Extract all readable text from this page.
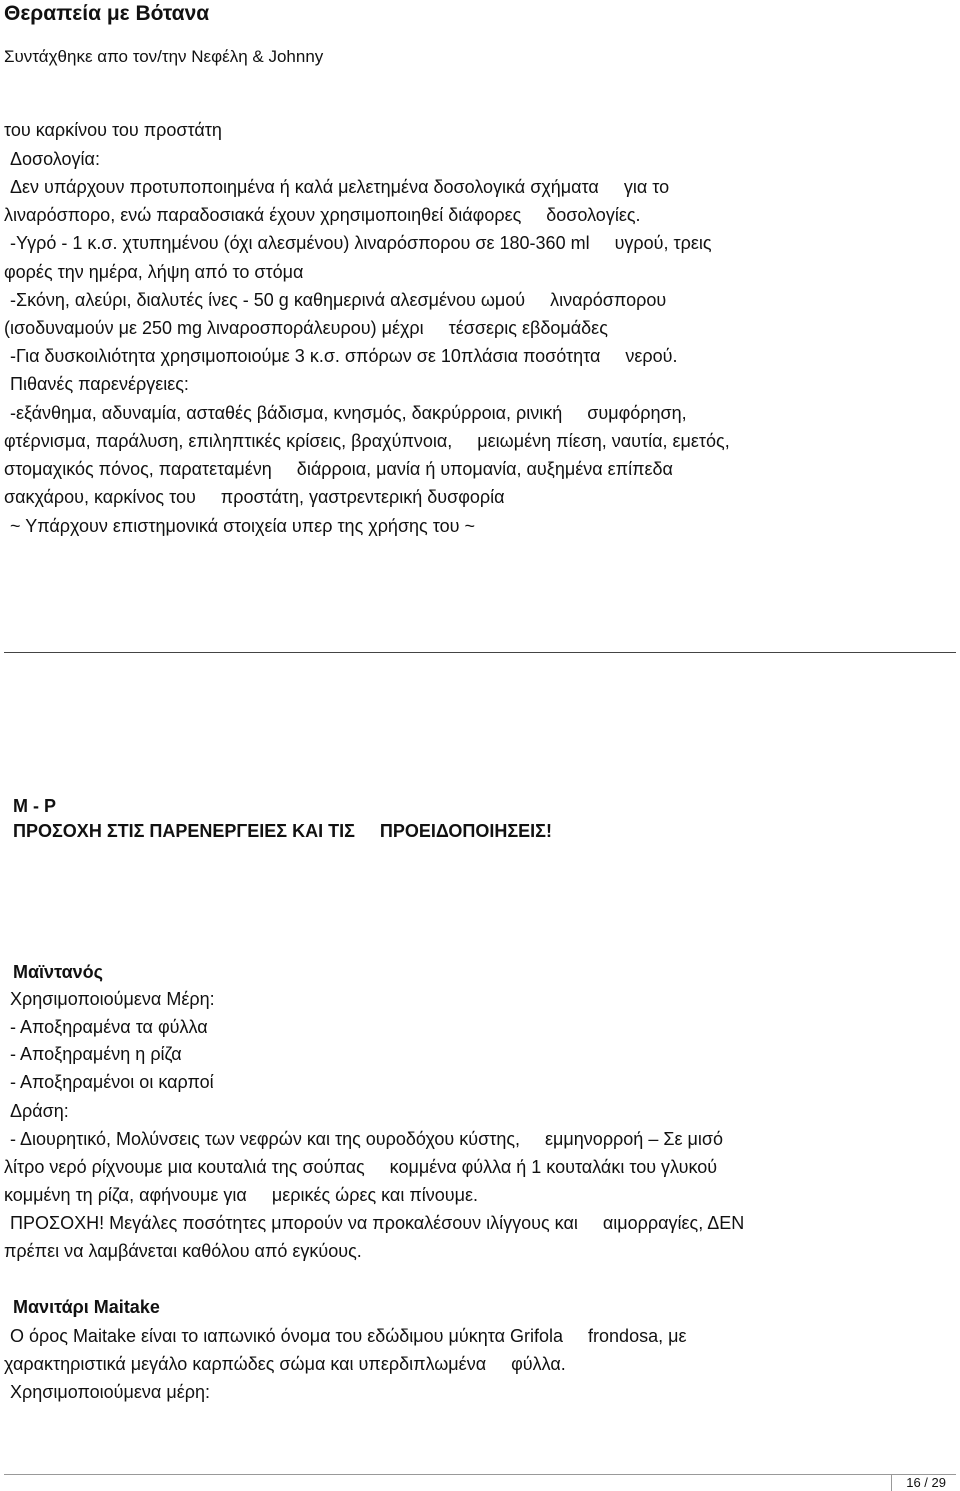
Θεραπεία με Βότανα
Συντάχθηκε απο τον/την Νεφέλη & Johnny
του καρκίνου του προστάτη
Δοσολογία:
Δεν υπάρχουν προτυποποιημένα ή καλά μελετημένα δοσολογικά σχήματα     για το
λιναρόσπορο, ενώ παραδοσιακά έχουν χρησιμοποιηθεί διάφορες     δοσολογίες.
-Υγρό - 1 κ.σ. χτυπημένου (όχι αλεσμένου) λιναρόσπορου σε 180-360 ml     υγρού, τρεις
φορές την ημέρα, λήψη από το στόμα
-Σκόνη, αλεύρι, διαλυτές ίνες - 50 g καθημερινά αλεσμένου ωμού     λιναρόσπορου
(ισοδυναμούν με 250 mg λιναροσποράλευρου) μέχρι     τέσσερις εβδομάδες
-Για δυσκοιλιότητα χρησιμοποιούμε 3 κ.σ. σπόρων σε 10πλάσια ποσότητα     νερού.
Πιθανές παρενέργειες:
-εξάνθημα, αδυναμία, ασταθές βάδισμα, κνησμός, δακρύρροια, ρινική     συμφόρηση,
φτέρνισμα, παράλυση, επιληπτικές κρίσεις, βραχύπνοια,     μειωμένη πίεση, ναυτία, εμετός,
στομαχικός πόνος, παρατεταμένη     διάρροια, μανία ή υπομανία, αυξημένα επίπεδα
σακχάρου, καρκίνος του     προστάτη, γαστρεντερική δυσφορία
~ Υπάρχουν επιστημονικά στοιχεία υπερ της χρήσης του ~
Μ - Ρ
ΠΡΟΣΟΧΗ ΣΤΙΣ ΠΑΡΕΝΕΡΓΕΙΕΣ ΚΑΙ ΤΙΣ     ΠΡΟΕΙΔΟΠΟΙΗΣΕΙΣ!
Μαϊντανός
Χρησιμοποιούμενα Μέρη:
- Αποξηραμένα τα φύλλα
- Αποξηραμένη η ρίζα
- Αποξηραμένοι οι καρποί
Δράση:
- Διουρητικό, Μολύνσεις των νεφρών και της ουροδόχου κύστης,     εμμηνορροή – Σε μισό
λίτρο νερό ρίχνουμε μια κουταλιά της σούπας     κομμένα φύλλα ή 1 κουταλάκι του γλυκού
κομμένη τη ρίζα, αφήνουμε για     μερικές ώρες και πίνουμε.
ΠΡΟΣΟΧΗ! Μεγάλες ποσότητες μπορούν να προκαλέσουν ιλίγγους και     αιμορραγίες, ΔΕΝ
πρέπει να λαμβάνεται καθόλου από εγκύους.
Μανιτάρι Maitake
Ο όρος Maitake είναι το ιαπωνικό όνομα του εδώδιμου μύκητα Grifola     frondosa, με
χαρακτηριστικά μεγάλο καρπώδες σώμα και υπερδιπλωμένα     φύλλα.
Χρησιμοποιούμενα μέρη:
16 / 29
